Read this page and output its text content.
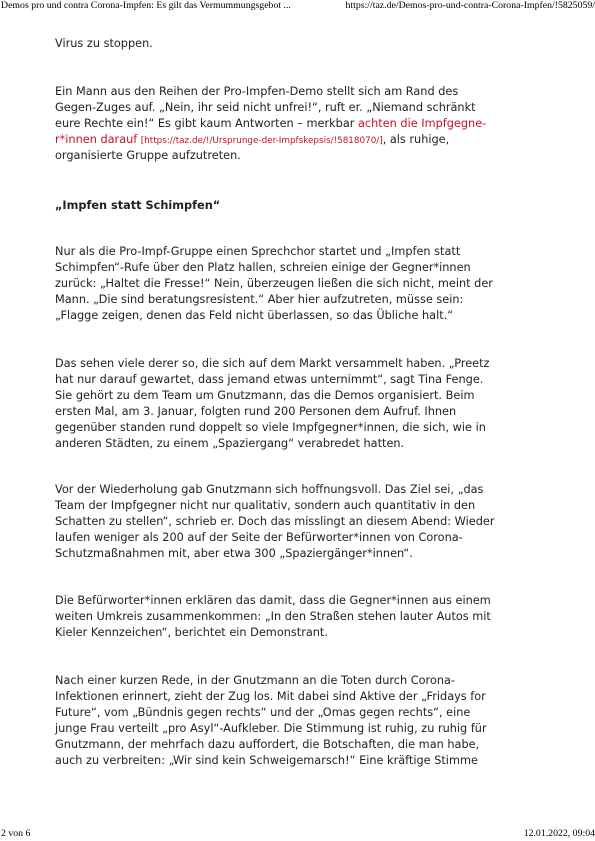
Demos pro und contra Corona-Impfen: Es gilt das Vermummungsgebot ...	https://taz.de/Demos-pro-und-contra-Corona-Impfen/!5825059/

Virus zu stoppen.

Ein Mann aus den Reihen der Pro-Impfen-Demo stellt sich am Rand des
Gegen-Zuges auf. „Nein, ihr seid nicht unfrei!“, ruft er. „Niemand schränkt
eure Rechte ein!“ Es gibt kaum Antworten – merkbar achten die Impfgegne-
r*innen darauf [https://taz.de/!/Ursprunge-der-Impfskepsis/!5818070/], als ruhige,
organisierte Gruppe aufzutreten.

„Impfen statt Schimpfen“

Nur als die Pro-Impf-Gruppe einen Sprechchor startet und „Impfen statt
Schimpfen“-Rufe über den Platz hallen, schreien einige der Gegner*innen
zurück: „Haltet die Fresse!“ Nein, überzeugen ließen die sich nicht, meint der
Mann. „Die sind beratungsresistent.“ Aber hier aufzutreten, müsse sein:
„Flagge zeigen, denen das Feld nicht überlassen, so das Übliche halt.“

Das sehen viele derer so, die sich auf dem Markt versammelt haben. „Preetz
hat nur darauf gewartet, dass jemand etwas unternimmt“, sagt Tina Fenge.
Sie gehört zu dem Team um Gnutzmann, das die Demos organisiert. Beim
ersten Mal, am 3. Januar, folgten rund 200 Personen dem Aufruf. Ihnen
gegenüber standen rund doppelt so viele Impfgegner*innen, die sich, wie in
anderen Städten, zu einem „Spaziergang“ verabredet hatten.

Vor der Wiederholung gab Gnutzmann sich hoffnungsvoll. Das Ziel sei, „das
Team der Impfgegner nicht nur qualitativ, sondern auch quantitativ in den
Schatten zu stellen“, schrieb er. Doch das misslingt an diesem Abend: Wieder
laufen weniger als 200 auf der Seite der Befürworter*innen von Corona-
Schutzmaßnahmen mit, aber etwa 300 „Spaziergänger*innen“.

Die Befürworter*innen erklären das damit, dass die Gegner*innen aus einem
weiten Umkreis zusammenkommen: „In den Straßen stehen lauter Autos mit
Kieler Kennzeichen“, berichtet ein Demonstrant.

Nach einer kurzen Rede, in der Gnutzmann an die Toten durch Corona-
Infektionen erinnert, zieht der Zug los. Mit dabei sind Aktive der „Fridays for
Future“, vom „Bündnis gegen rechts“ und der „Omas gegen rechts“, eine
junge Frau verteilt „pro Asyl“-Aufkleber. Die Stimmung ist ruhig, zu ruhig für
Gnutzmann, der mehrfach dazu auffordert, die Botschaften, die man habe,
auch zu verbreiten: „Wir sind kein Schweigemarsch!“ Eine kräftige Stimme

2 von 6	12.01.2022, 09:04
